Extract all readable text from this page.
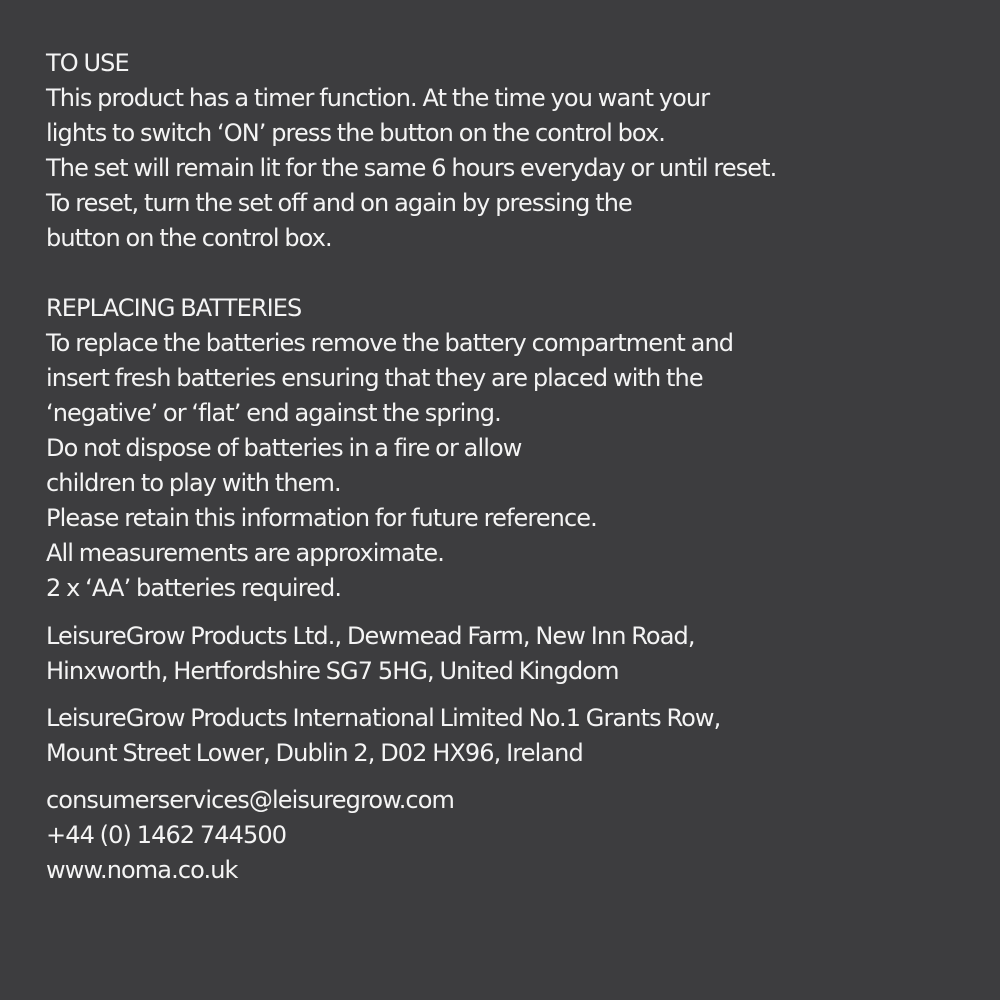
TO USE
This product has a timer function. At the time you want your
lights to switch ‘ON’ press the button on the control box.
The set will remain lit for the same 6 hours everyday or until reset.
To reset, turn the set off and on again by pressing the
button on the control box.
REPLACING BATTERIES
To replace the batteries remove the battery compartment and
insert fresh batteries ensuring that they are placed with the
‘negative’ or ‘flat’ end against the spring.
Do not dispose of batteries in a fire or allow
children to play with them.
Please retain this information for future reference.
All measurements are approximate.
2 x ‘AA’ batteries required.
LeisureGrow Products Ltd., Dewmead Farm, New Inn Road,
Hinxworth, Hertfordshire SG7 5HG, United Kingdom
LeisureGrow Products International Limited No.1 Grants Row,
Mount Street Lower, Dublin 2, D02 HX96, Ireland
consumerservices@leisuregrow.com
+44 (0) 1462 744500
www.noma.co.uk
